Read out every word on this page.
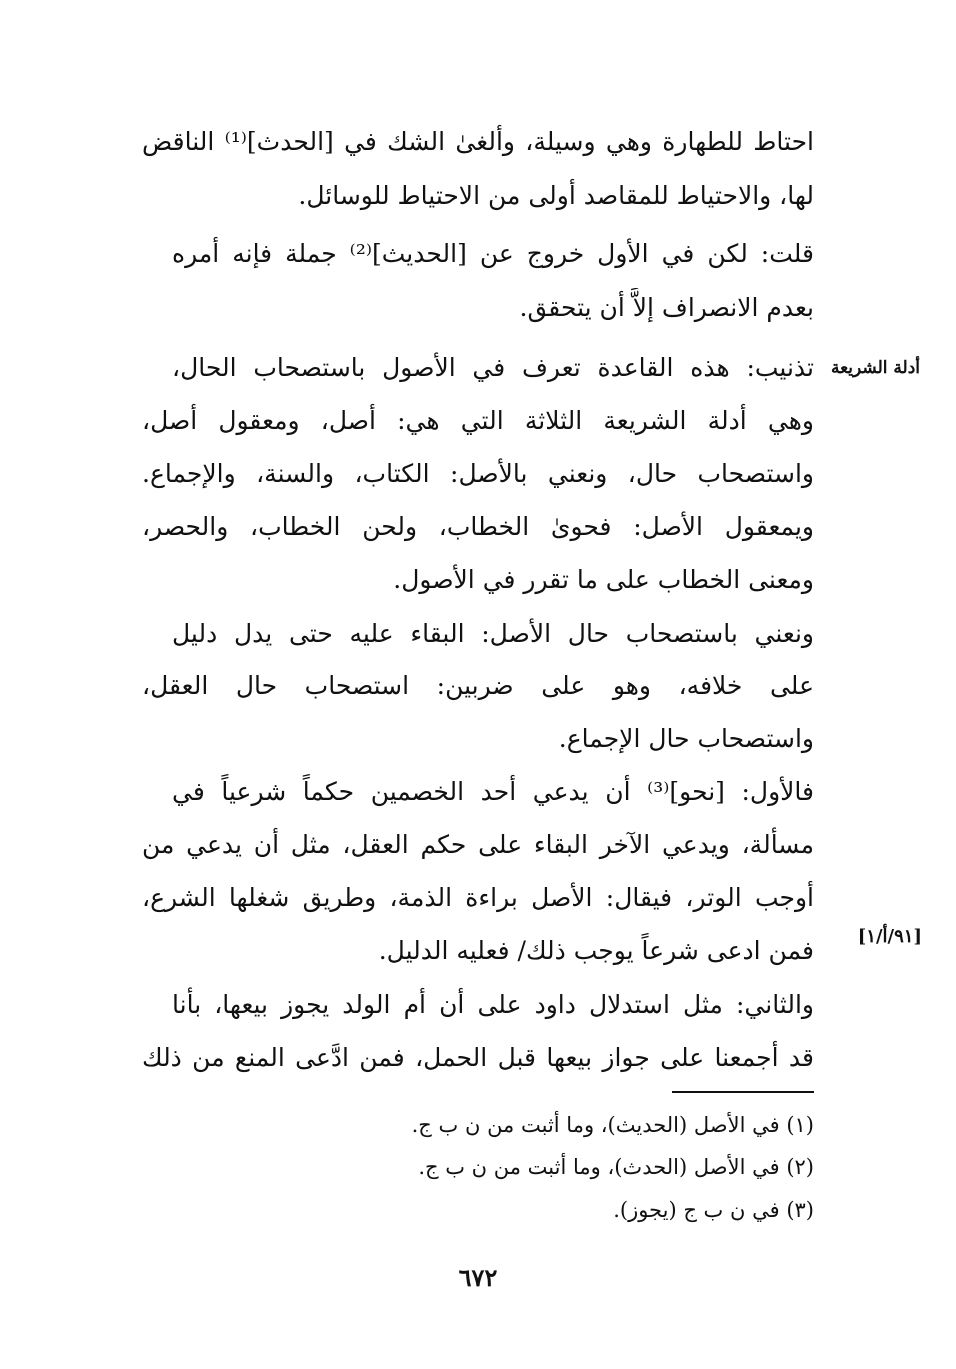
احتاط للطهارة وهي وسيلة، وألغىٰ الشك في [الحدث]⁽¹⁾ الناقض
لها، والاحتياط للمقاصد أولى من الاحتياط للوسائل.
قلت: لكن في الأول خروج عن [الحديث]⁽²⁾ جملة فإنه أمره
بعدم الانصراف إلاَّ أن يتحقق.
تذنيب: هذه القاعدة تعرف في الأصول باستصحاب الحال،
وهي أدلة الشريعة الثلاثة التي هي: أصل، ومعقول أصل،
واستصحاب حال، ونعني بالأصل: الكتاب، والسنة، والإجماع.
ويمعقول الأصل: فحوىٰ الخطاب، ولحن الخطاب، والحصر،
ومعنى الخطاب على ما تقرر في الأصول.
ونعني باستصحاب حال الأصل: البقاء عليه حتى يدل دليل
على خلافه، وهو على ضربين: استصحاب حال العقل،
واستصحاب حال الإجماع.
فالأول: [نحو]⁽³⁾ أن يدعي أحد الخصمين حكماً شرعياً في
مسألة، ويدعي الآخر البقاء على حكم العقل، مثل أن يدعي من
أوجب الوتر، فيقال: الأصل براءة الذمة، وطريق شغلها الشرع،
فمن ادعى شرعاً يوجب ذلك/ فعليه الدليل.
والثاني: مثل استدلال داود على أن أم الولد يجوز بيعها، بأنا
قد أجمعنا على جواز بيعها قبل الحمل، فمن ادَّعى المنع من ذلك
أدلة الشريعة
[٩١/أ/١]
(١) في الأصل (الحديث)، وما أثبت من ن ب ج.
(٢) في الأصل (الحدث)، وما أثبت من ن ب ج.
(٣) في ن ب ج (يجوز).
٦٧٢
